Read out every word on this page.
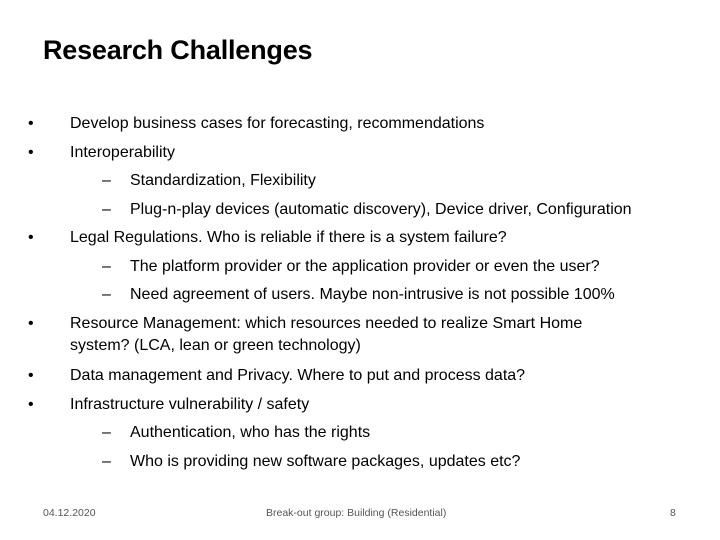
Research Challenges
•	Develop business cases for forecasting, recommendations
•	Interoperability
– Standardization, Flexibility
– Plug-n-play devices (automatic discovery), Device driver, Configuration
•	Legal Regulations. Who is reliable if there is a system failure?
– The platform provider or the application provider or even the user?
– Need agreement of users. Maybe non-intrusive is not possible 100%
•	Resource Management: which resources needed to realize Smart Home
system? (LCA, lean or green technology)
•	Data management and Privacy. Where to put and process data?
•	Infrastructure vulnerability / safety
– Authentication, who has the rights
– Who is providing new software packages, updates etc?
04.12.2020	Break-out group: Building (Residential)	8
